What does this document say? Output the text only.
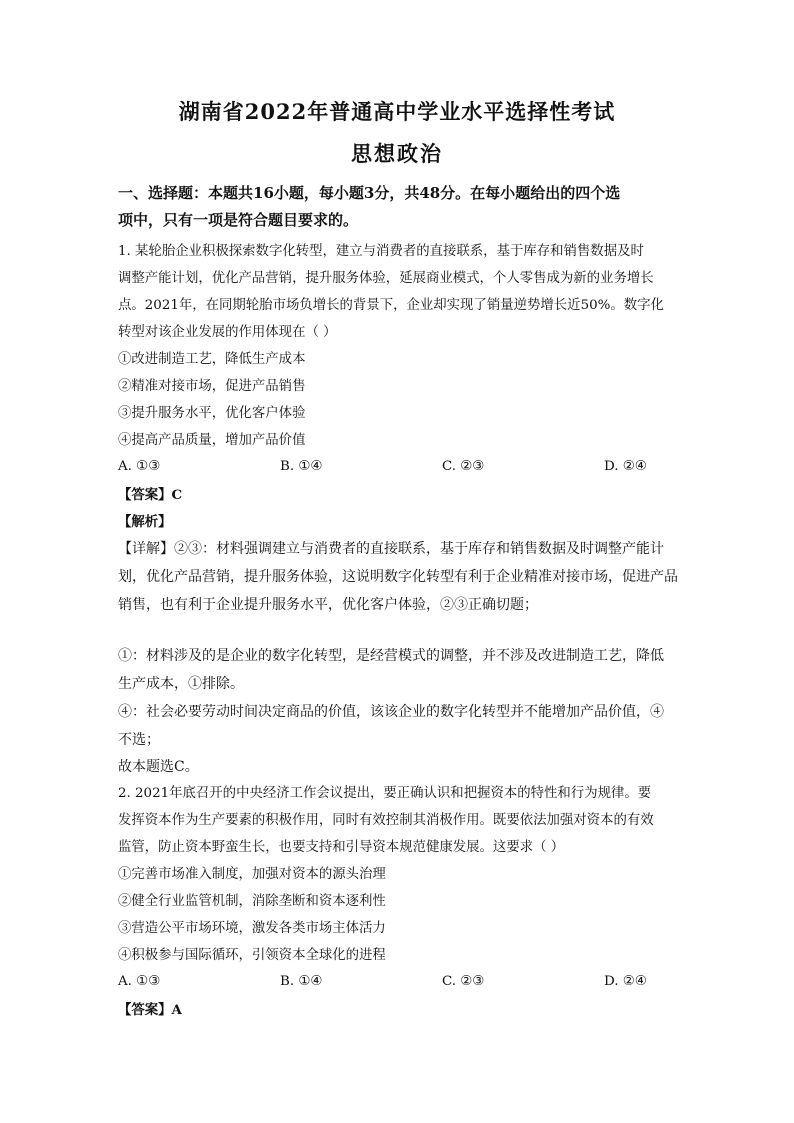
湖南省2022年普通高中学业水平选择性考试
思想政治
一、选择题：本题共16小题，每小题3分，共48分。在每小题给出的四个选
项中，只有一项是符合题目要求的。
1. 某轮胎企业积极探索数字化转型，建立与消费者的直接联系，基于库存和销售数据及时
调整产能计划，优化产品营销，提升服务体验，延展商业模式，个人零售成为新的业务增长
点。2021年，在同期轮胎市场负增长的背景下，企业却实现了销量逆势增长近50%。数字化
转型对该企业发展的作用体现在（ ）
①改进制造工艺，降低生产成本
②精准对接市场，促进产品销售
③提升服务水平，优化客户体验
④提高产品质量，增加产品价值
A. ①③	B. ①④	C. ②③	D. ②④
【答案】C
【解析】
【详解】②③：材料强调建立与消费者的直接联系，基于库存和销售数据及时调整产能计
划，优化产品营销，提升服务体验，这说明数字化转型有利于企业精准对接市场，促进产品
销售，也有利于企业提升服务水平，优化客户体验，②③正确切题；
①：材料涉及的是企业的数字化转型，是经营模式的调整，并不涉及改进制造工艺，降低
生产成本，①排除。
④：社会必要劳动时间决定商品的价值，该该企业的数字化转型并不能增加产品价值，④
不选；
故本题选C。
2. 2021年底召开的中央经济工作会议提出，要正确认识和把握资本的特性和行为规律。要
发挥资本作为生产要素的积极作用，同时有效控制其消极作用。既要依法加强对资本的有效
监管，防止资本野蛮生长，也要支持和引导资本规范健康发展。这要求（ ）
①完善市场准入制度，加强对资本的源头治理
②健全行业监管机制，消除垄断和资本逐利性
③营造公平市场环境，激发各类市场主体活力
④积极参与国际循环，引领资本全球化的进程
A. ①③	B. ①④	C. ②③	D. ②④
【答案】A
